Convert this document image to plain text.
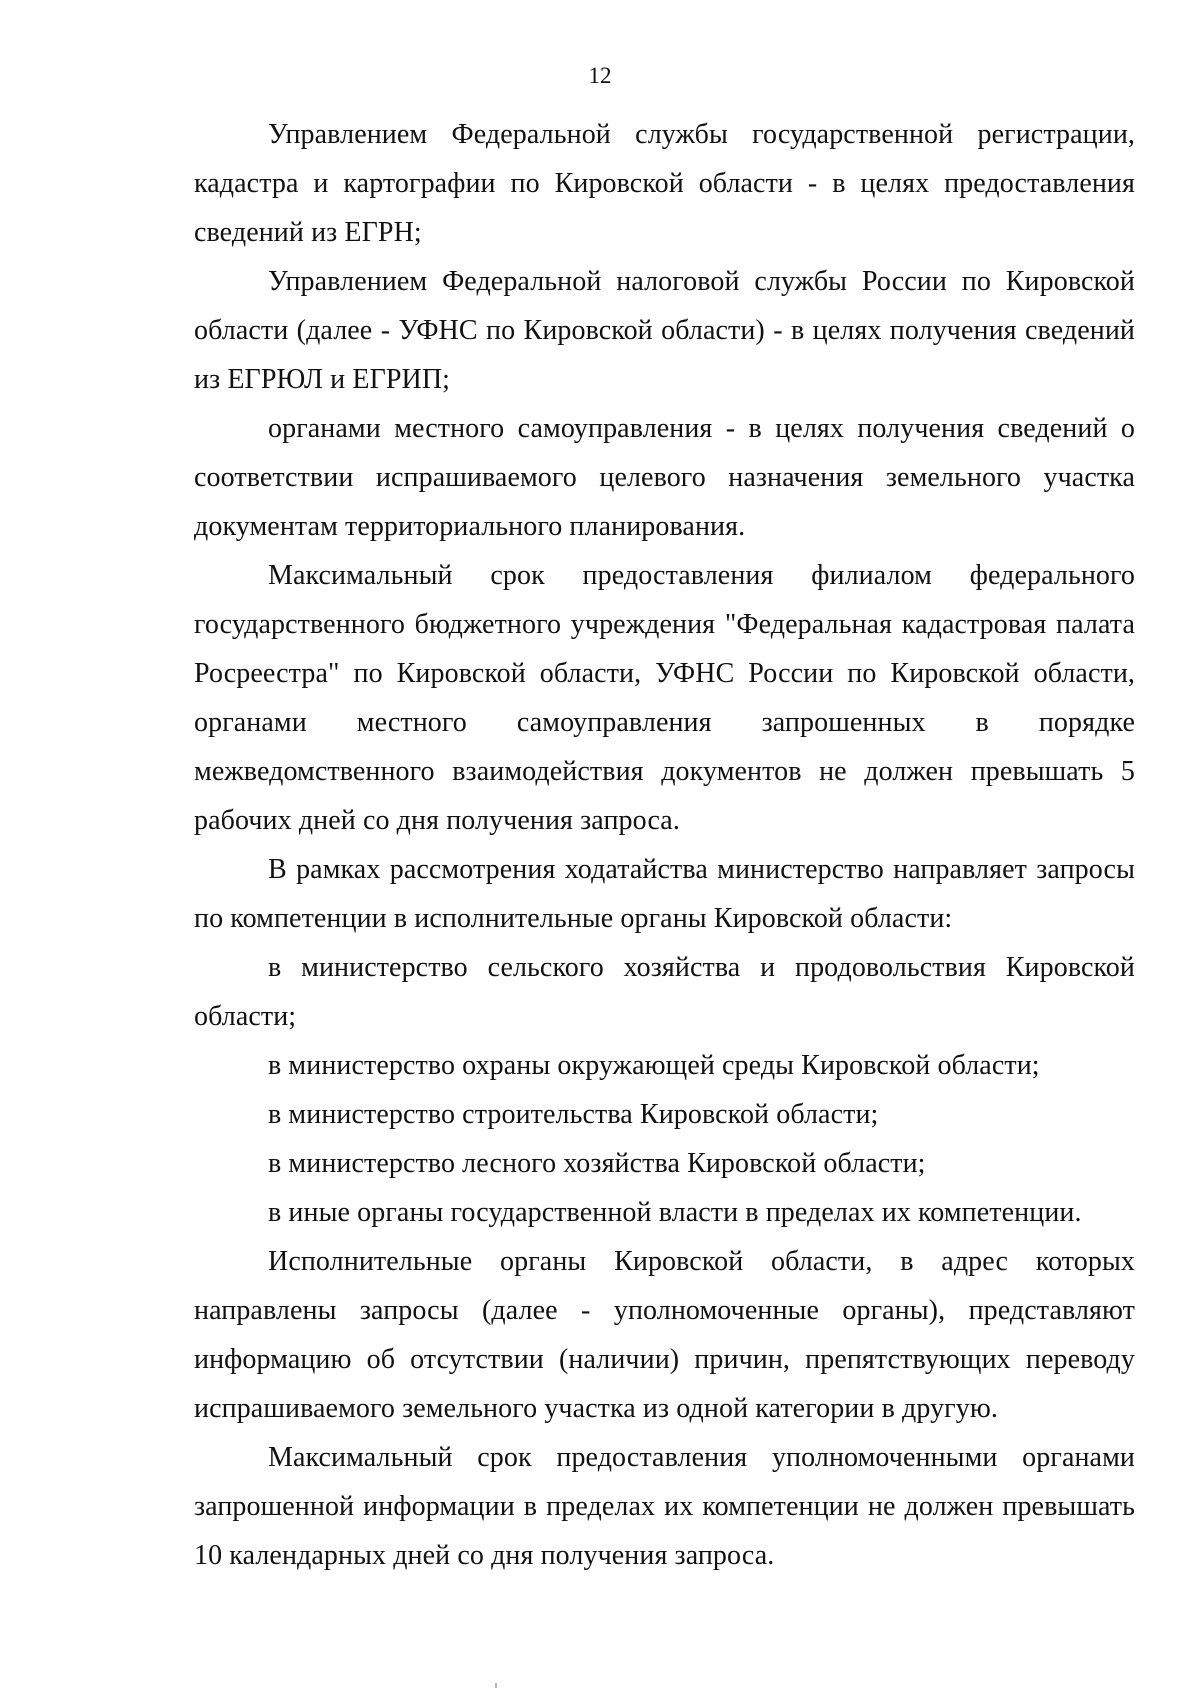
12

Управлением Федеральной службы государственной регистрации, кадастра и картографии по Кировской области - в целях предоставления сведений из ЕГРН;

Управлением Федеральной налоговой службы России по Кировской области (далее - УФНС по Кировской области) - в целях получения сведений из ЕГРЮЛ и ЕГРИП;

органами местного самоуправления - в целях получения сведений о соответствии испрашиваемого целевого назначения земельного участка документам территориального планирования.

Максимальный срок предоставления филиалом федерального государственного бюджетного учреждения "Федеральная кадастровая палата Росреестра" по Кировской области, УФНС России по Кировской области, органами местного самоуправления запрошенных в порядке межведомственного взаимодействия документов не должен превышать 5 рабочих дней со дня получения запроса.

В рамках рассмотрения ходатайства министерство направляет запросы по компетенции в исполнительные органы Кировской области:

в министерство сельского хозяйства и продовольствия Кировской области;

в министерство охраны окружающей среды Кировской области;

в министерство строительства Кировской области;

в министерство лесного хозяйства Кировской области;

в иные органы государственной власти в пределах их компетенции.

Исполнительные органы Кировской области, в адрес которых направлены запросы (далее - уполномоченные органы), представляют информацию об отсутствии (наличии) причин, препятствующих переводу испрашиваемого земельного участка из одной категории в другую.

Максимальный срок предоставления уполномоченными органами запрошенной информации в пределах их компетенции не должен превышать 10 календарных дней со дня получения запроса.
